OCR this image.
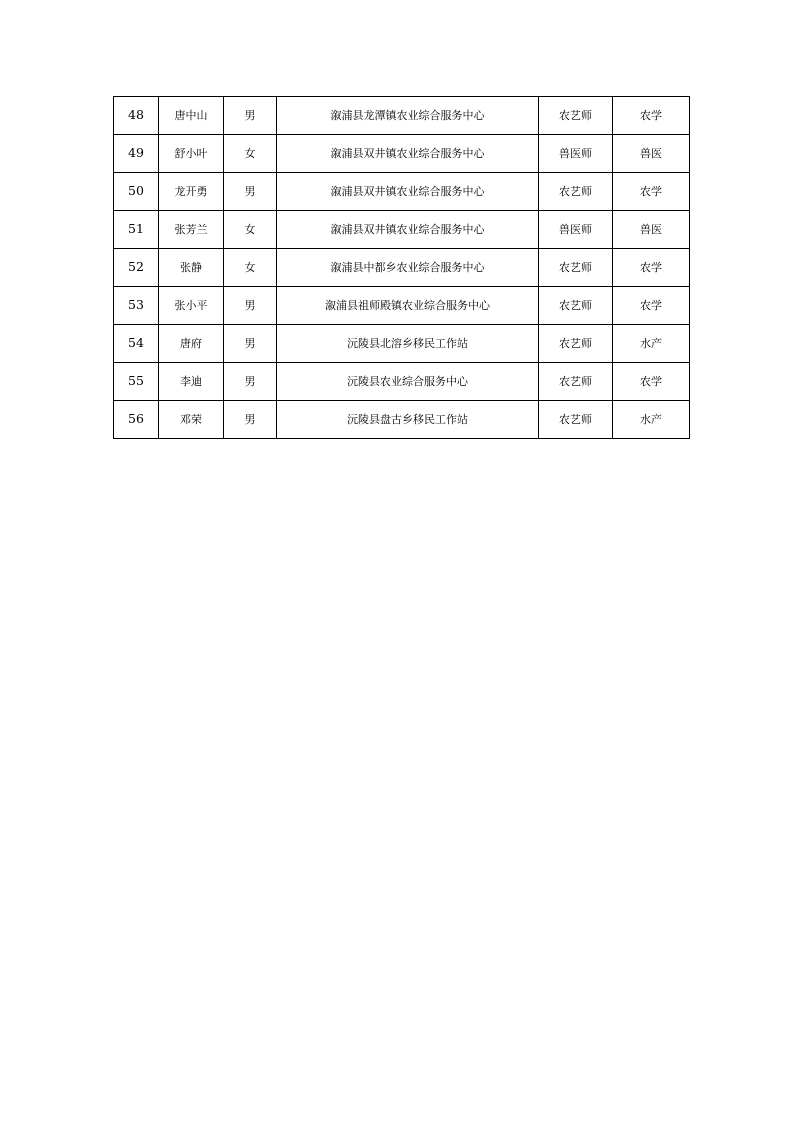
48	唐中山	男	溆浦县龙潭镇农业综合服务中心	农艺师	农学
49	舒小叶	女	溆浦县双井镇农业综合服务中心	兽医师	兽医
50	龙开勇	男	溆浦县双井镇农业综合服务中心	农艺师	农学
51	张芳兰	女	溆浦县双井镇农业综合服务中心	兽医师	兽医
52	张静	女	溆浦县中都乡农业综合服务中心	农艺师	农学
53	张小平	男	溆浦县祖师殿镇农业综合服务中心	农艺师	农学
54	唐府	男	沅陵县北溶乡移民工作站	农艺师	水产
55	李迪	男	沅陵县农业综合服务中心	农艺师	农学
56	邓荣	男	沅陵县盘古乡移民工作站	农艺师	水产
